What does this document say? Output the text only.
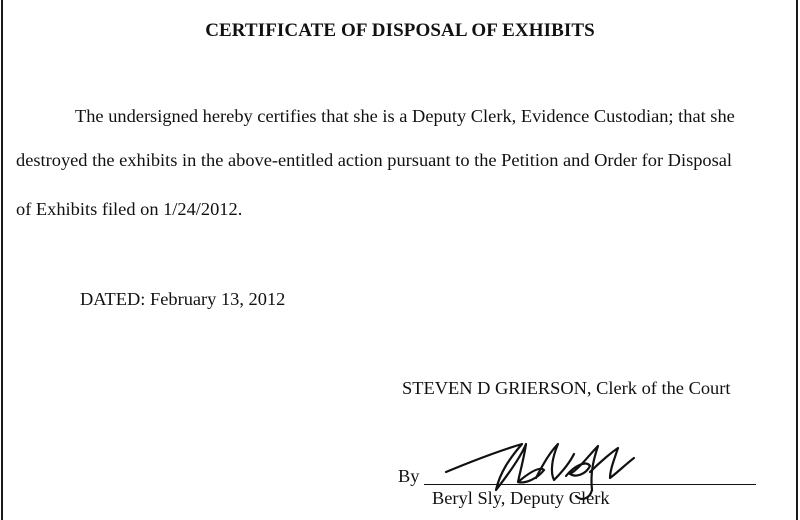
CERTIFICATE OF DISPOSAL OF EXHIBITS
The undersigned hereby certifies that she is a Deputy Clerk, Evidence Custodian; that she
destroyed the exhibits in the above-entitled action pursuant to the Petition and Order for Disposal
of Exhibits filed on 1/24/2012.
DATED: February 13, 2012
STEVEN D GRIERSON, Clerk of the Court
By
Beryl Sly, Deputy Clerk
